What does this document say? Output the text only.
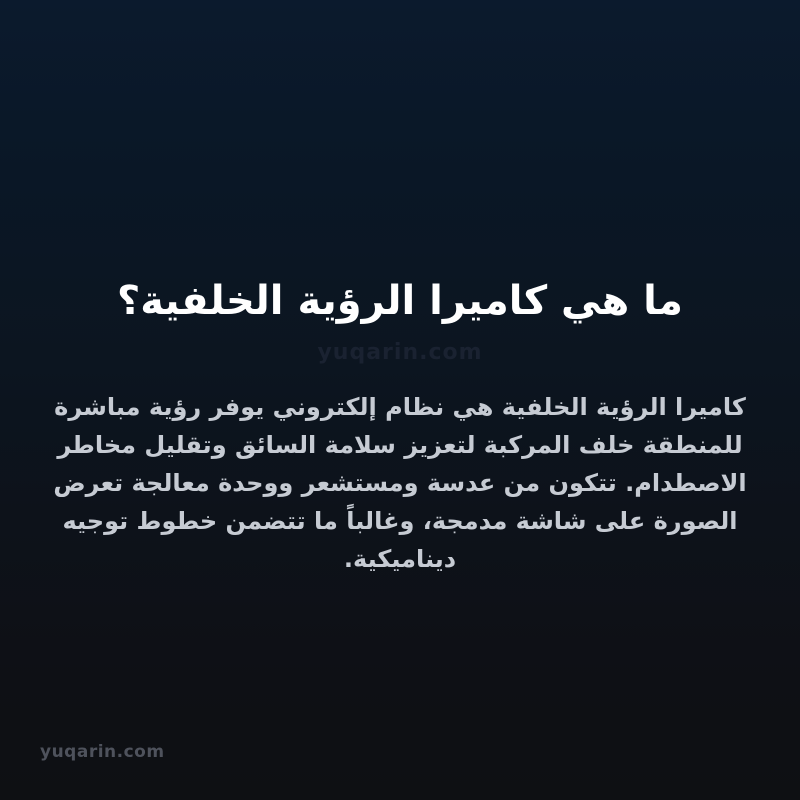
yuqarin.com
ما هي كاميرا الرؤية الخلفية؟

كاميرا الرؤية الخلفية هي نظام إلكتروني يوفر رؤية مباشرة للمنطقة خلف المركبة لتعزيز سلامة السائق وتقليل مخاطر الاصطدام. تتكون من عدسة ومستشعر ووحدة معالجة تعرض الصورة على شاشة مدمجة، وغالباً ما تتضمن خطوط توجيه ديناميكية.

yuqarin.com
